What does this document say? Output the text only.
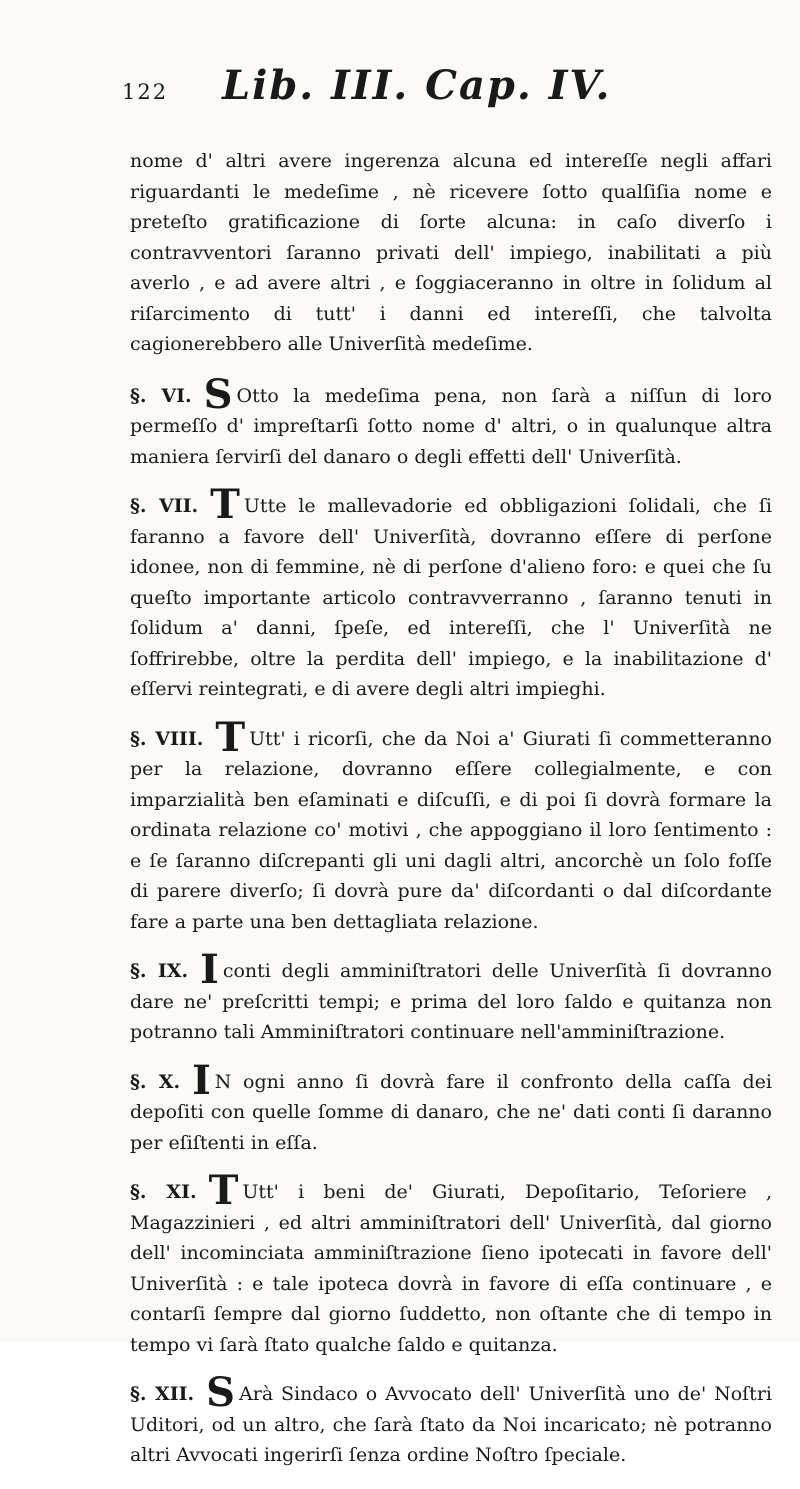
122 Lib. III. Cap. IV.

nome d' altri avere ingerenza alcuna ed intereſſe negli affari riguardanti le medeſime , nè ricevere ſotto qualſiſia nome e preteſto gratificazione di ſorte alcuna: in caſo diverſo i contravventori ſaranno privati dell' impiego, inabilitati a più averlo , e ad avere altri , e ſoggiaceranno in oltre in ſolidum al riſarcimento di tutt' i danni ed intereſſi, che talvolta cagionerebbero alle Univerſità medeſime.

§. VI. S Otto la medeſima pena, non ſarà a niſſun di loro permeſſo d' impreſtarſi ſotto nome d' altri, o in qualunque altra maniera ſervirſi del danaro o degli effetti dell' Univerſità.

§. VII. T Utte le mallevadorie ed obbligazioni ſolidali, che ſi faranno a favore dell' Univerſità, dovranno eſſere di perſone idonee, non di femmine, nè di perſone d'alieno foro: e quei che ſu queſto importante articolo contravverranno , ſaranno tenuti in ſolidum a' danni, ſpeſe, ed intereſſi, che l' Univerſità ne ſoffrirebbe, oltre la perdita dell' impiego, e la inabilitazione d' eſſervi reintegrati, e di avere degli altri impieghi.

§. VIII. T Utt' i ricorſi, che da Noi a' Giurati ſi commetteranno per la relazione, dovranno eſſere collegialmente, e con imparzialità ben eſaminati e diſcuſſi, e di poi ſi dovrà formare la ordinata relazione co' motivi , che appoggiano il loro ſentimento : e ſe ſaranno diſcrepanti gli uni dagli altri, ancorchè un ſolo foſſe di parere diverſo; ſi dovrà pure da' diſcordanti o dal diſcordante fare a parte una ben dettagliata relazione.

§. IX. I conti degli amminiſtratori delle Univerſità ſi dovranno dare ne' preſcritti tempi; e prima del loro ſaldo e quitanza non potranno tali Amminiſtratori continuare nell'amminiſtrazione.

§. X. I N ogni anno ſi dovrà fare il confronto della caſſa dei depoſiti con quelle ſomme di danaro, che ne' dati conti ſi daranno per eſiſtenti in eſſa.

§. XI. T Utt' i beni de' Giurati, Depoſitario, Teſoriere , Magazzinieri , ed altri amminiſtratori dell' Univerſità, dal giorno dell' incominciata amminiſtrazione ſieno ipotecati in favore dell' Univerſità : e tale ipoteca dovrà in favore di eſſa continuare , e contarſi ſempre dal giorno ſuddetto, non oſtante che di tempo in tempo vi ſarà ſtato qualche ſaldo e quitanza.

§. XII. S Arà Sindaco o Avvocato dell' Univerſità uno de' Noſtri Uditori, od un altro, che ſarà ſtato da Noi incaricato; nè potranno altri Avvocati ingerirſi ſenza ordine Noſtro ſpeciale.
